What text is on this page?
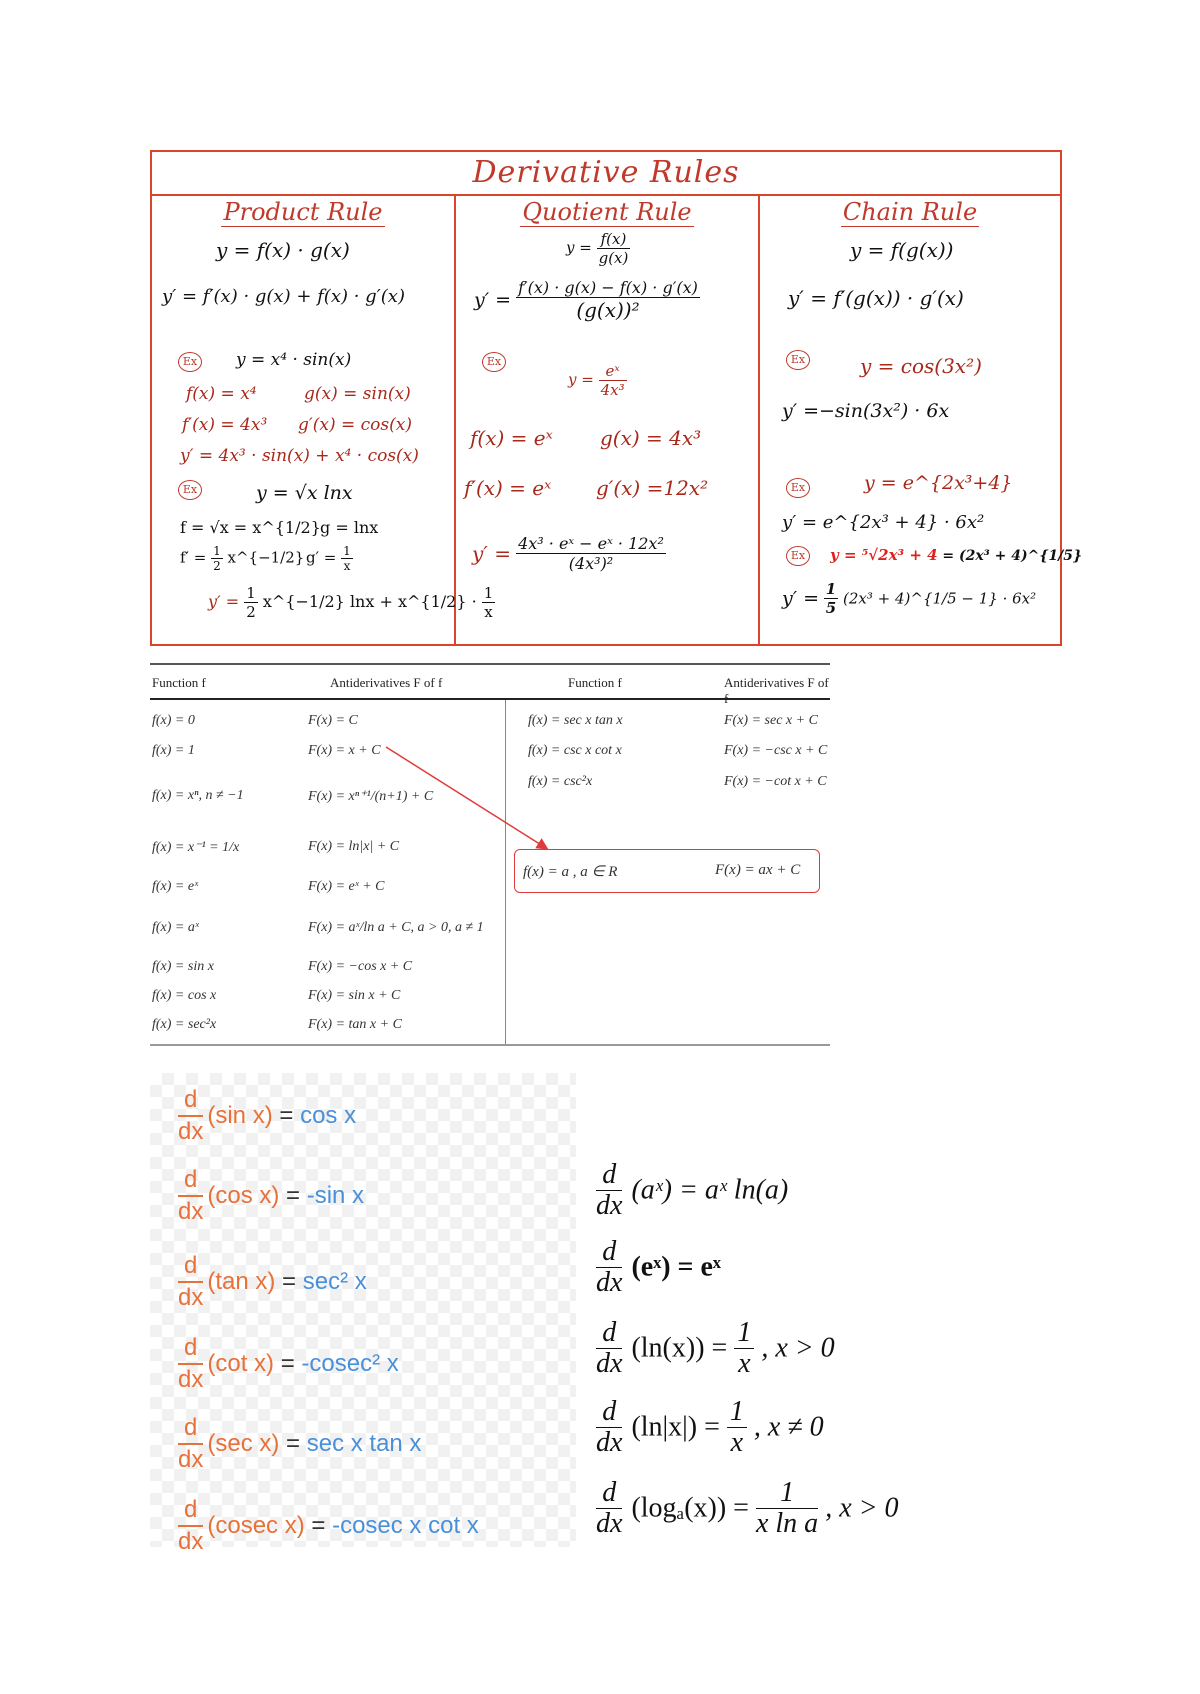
Derivative Rules
Product Rule
y = f(x) · g(x)
y′ = f′(x) · g(x) + f(x) · g′(x)
Ex y = x⁴ · sin(x)
f(x) = x⁴	g(x) = sin(x)
f′(x) = 4x³ g′(x) = cos(x)
y′ = 4x³ · sin(x) + x⁴ · cos(x)
Ex	y = √x lnx
f = √x = x^{1/2} g = lnx
$f' = \frac{1}{2}$ x^{−1/2} $g' = \frac{1}{x}$
$y' = \frac{1}{2}$ x^{−1/2} lnx + x^{1/2} · $\frac{1}{x}$
Quotient Rule
$y = \frac{f(x)}{g(x)}$
$y' = \frac{f'(x) \cdot g(x) - f(x) \cdot g'(x)}{\text{(g(x))²}}$
Ex
$y = \frac{\text{eˣ}}{\text{4x³}}$
f(x) = eˣ g(x) = 4x³
f′(x) = eˣ g′(x) =12x²
$y' = \frac{\text{4x³ · eˣ − eˣ · 12x²}}{\text{(4x³)²}}$
Chain Rule
y = f(g(x))
y′ = f′(g(x)) · g′(x)
Ex	y = cos(3x²)
y′ =−sin(3x²) · 6x
Ex	y = e^{2x³+4}
y′ = e^{2x³ + 4} · 6x²
Ex	y = ⁵√2x³ + 4 = (2x³ + 4)^{1/5}
$y' = \frac{1}{5} (2x^3$ + 4)^{1/5 − 1} · 6x²
Function f	Antiderivatives F of f	Function f	Antiderivatives F of f
f(x) = 0	F(x) = C
f(x) = 1	F(x) = x + C
f(x) = xⁿ, n ≠ −1	F(x) = xⁿ⁺¹/(n+1) + C
f(x) = x⁻¹ = 1/x	F(x) = ln|x| + C
f(x) = eˣ	F(x) = eˣ + C
f(x) = aˣ	F(x) = aˣ/ln a + C, a > 0, a ≠ 1
f(x) = sin x	F(x) = −cos x + C
f(x) = cos x	F(x) = sin x + C
f(x) = sec²x	F(x) = tan x + C
f(x) = sec x tan x	F(x) = sec x + C
f(x) = csc x cot x	F(x) = −csc x + C
f(x) = csc²x	F(x) = −cot x + C
f(x) = a , a ∈ R	F(x) = ax + C
$\frac{d}{dx} (\sin$ x) = cos x
$\frac{d}{dx} (\cos$ x) = -sin x
$\frac{d}{dx} (\tan$ x) = sec² x
$\frac{d}{dx} (\cot$ x) = -cosec² x
$\frac{d}{dx} (\sec$ x) = sec x tan x
$\frac{d}{dx} (cosec$ x) = -cosec x cot x
$\frac{d}{dx}$ (aˣ) = aˣ ln(a)
$\frac{d}{dx}$ (eˣ) = eˣ
$\frac{d}{dx} (\ln(x)) = \frac{1}{x}$ , x > 0
$\frac{d}{dx} (\ln|x|) = \frac{1}{x}$ , x ≠ 0
$\frac{d}{dx} (\log_a(x)) = \frac{1}{\text{x ln a}}$ , x > 0
